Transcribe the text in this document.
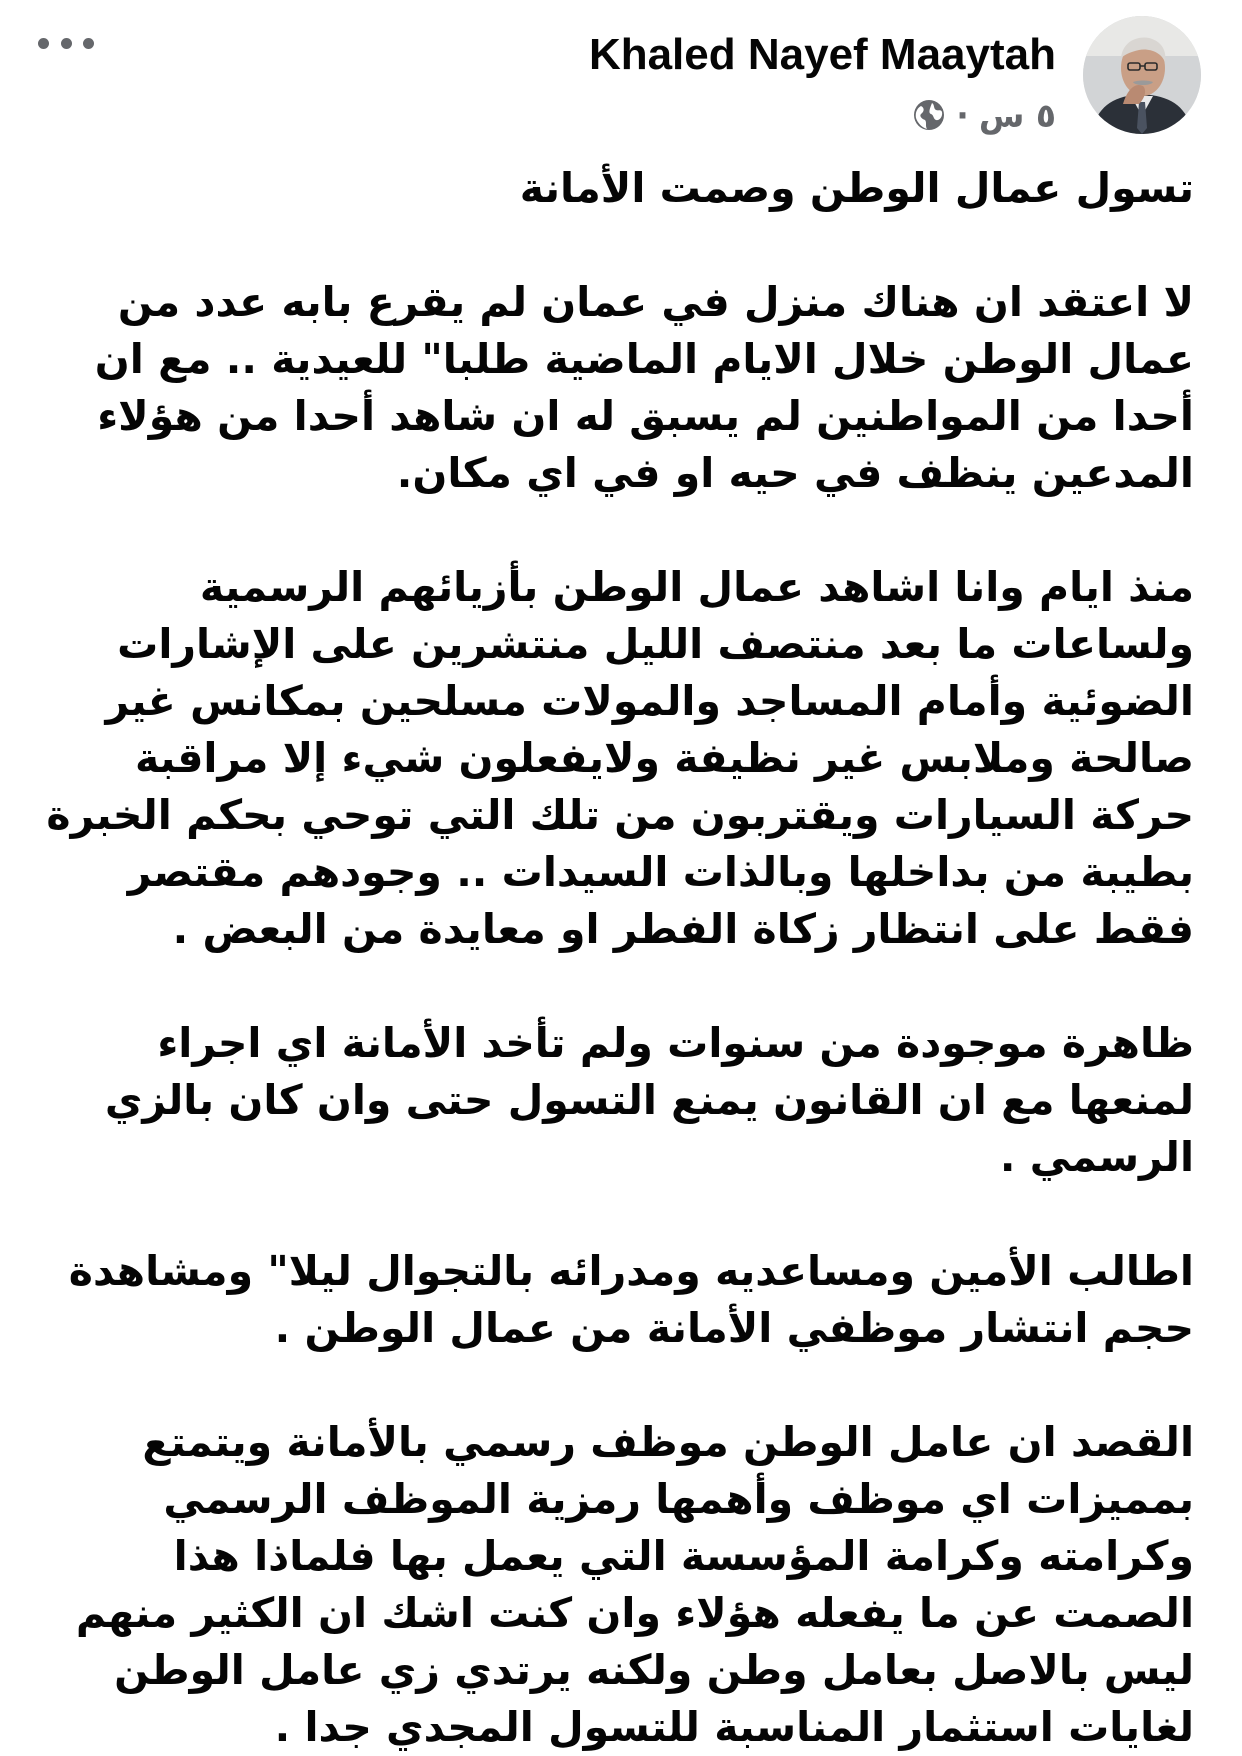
Khaled Nayef Maaytah
٥ س
·

تسول عمال الوطن وصمت الأمانة

لا اعتقد ان هناك منزل في عمان لم يقرع بابه عدد من عمال الوطن خلال الايام الماضية طلبا" للعيدية .. مع ان أحدا من المواطنين لم يسبق له ان شاهد أحدا من هؤلاء المدعين ينظف في حيه او في اي مكان.

منذ ايام وانا اشاهد عمال الوطن بأزيائهم الرسمية ولساعات ما بعد منتصف الليل منتشرين على الإشارات الضوئية وأمام المساجد والمولات مسلحين بمكانس غير صالحة وملابس غير نظيفة ولايفعلون شيء إلا مراقبة حركة السيارات ويقتربون من تلك التي توحي بحكم الخبرة بطيبة من بداخلها وبالذات السيدات .. وجودهم مقتصر فقط على انتظار زكاة الفطر او معايدة من البعض .

ظاهرة موجودة من سنوات ولم تأخد الأمانة اي اجراء لمنعها مع ان القانون يمنع التسول حتى وان كان بالزي الرسمي .

اطالب الأمين ومساعديه ومدرائه بالتجوال ليلا" ومشاهدة حجم انتشار موظفي الأمانة من عمال الوطن .

القصد ان عامل الوطن موظف رسمي بالأمانة ويتمتع بمميزات اي موظف وأهمها رمزية الموظف الرسمي وكرامته وكرامة المؤسسة التي يعمل بها فلماذا هذا الصمت عن ما يفعله هؤلاء وان كنت اشك ان الكثير منهم ليس بالاصل بعامل وطن ولكنه يرتدي زي عامل الوطن لغايات استثمار المناسبة للتسول المجدي جدا .
